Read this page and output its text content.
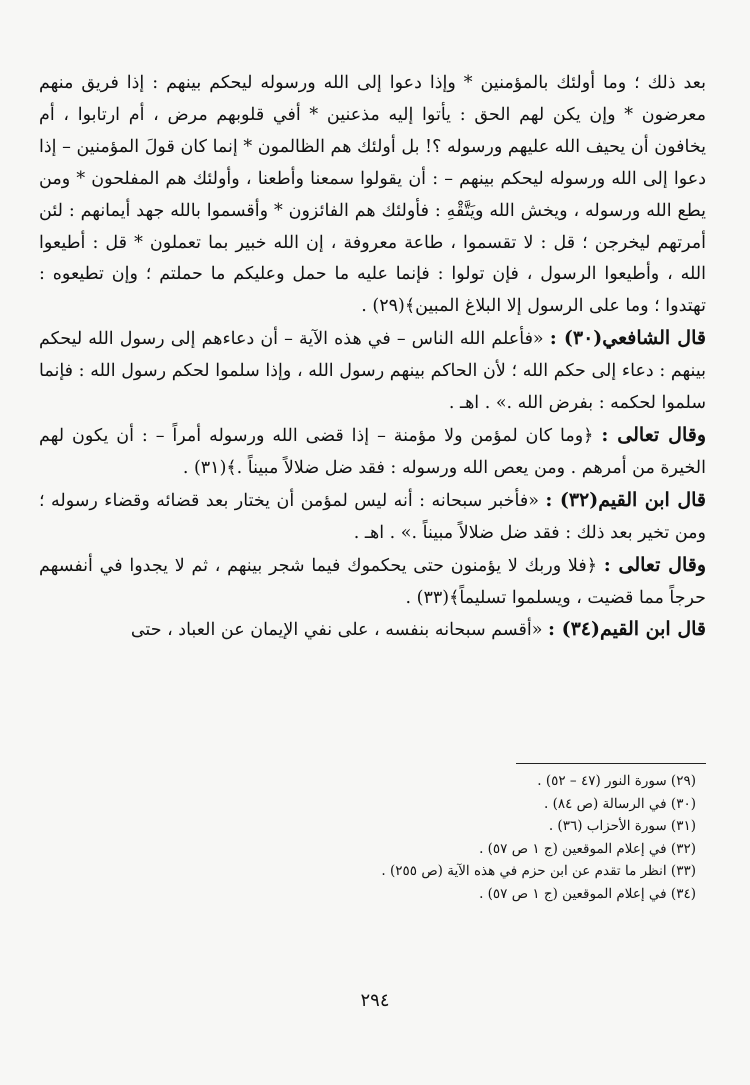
بعد ذلك ؛ وما أولئك بالمؤمنين * وإذا دعوا إلى الله ورسوله ليحكم بينهم : إذا فريق منهم معرضون * وإن يكن لهم الحق : يأتوا إليه مذعنين * أفي قلوبهم مرض ، أم ارتابوا ، أم يخافون أن يحيف الله عليهم ورسوله ؟! بل أولئك هم الظالمون * إنما كان قولَ المؤمنين – إذا دعوا إلى الله ورسوله ليحكم بينهم – : أن يقولوا سمعنا وأطعنا ، وأولئك هم المفلحون * ومن يطع الله ورسوله ، ويخش الله ويَتَّقْهِ : فأولئك هم الفائزون * وأقسموا بالله جهد أيمانهم : لئن أمرتهم ليخرجن ؛ قل : لا تقسموا ، طاعة معروفة ، إن الله خبير بما تعملون * قل : أطيعوا الله ، وأطيعوا الرسول ، فإن تولوا : فإنما عليه ما حمل وعليكم ما حملتم ؛ وإن تطيعوه : تهتدوا ؛ وما على الرسول إلا البلاغ المبين﴾(٢٩) .

قال الشافعي(٣٠) : «فأعلم الله الناس – في هذه الآية – أن دعاءهم إلى رسول الله ليحكم بينهم : دعاء إلى حكم الله ؛ لأن الحاكم بينهم رسول الله ، وإذا سلموا لحكم رسول الله : فإنما سلموا لحكمه : بفرض الله .» . اهـ .

وقال تعالى : ﴿وما كان لمؤمن ولا مؤمنة – إذا قضى الله ورسوله أمراً – : أن يكون لهم الخيرة من أمرهم . ومن يعص الله ورسوله : فقد ضل ضلالاً مبيناً .﴾(٣١) .

قال ابن القيم(٣٢) : «فأخبر سبحانه : أنه ليس لمؤمن أن يختار بعد قضائه وقضاء رسوله ؛ ومن تخير بعد ذلك : فقد ضل ضلالاً مبيناً .» . اهـ .

وقال تعالى : ﴿فلا وربك لا يؤمنون حتى يحكموك فيما شجر بينهم ، ثم لا يجدوا في أنفسهم حرجاً مما قضيت ، ويسلموا تسليماً﴾(٣٣) .

قال ابن القيم(٣٤) : «أقسم سبحانه بنفسه ، على نفي الإيمان عن العباد ، حتى

(٢٩) سورة النور (٤٧ – ٥٢) .
(٣٠) في الرسالة (ص ٨٤) .
(٣١) سورة الأحزاب (٣٦) .
(٣٢) في إعلام الموقعين (ج ١ ص ٥٧) .
(٣٣) انظر ما تقدم عن ابن حزم في هذه الآية (ص ٢٥٥) .
(٣٤) في إعلام الموقعين (ج ١ ص ٥٧) .
٢٩٤
